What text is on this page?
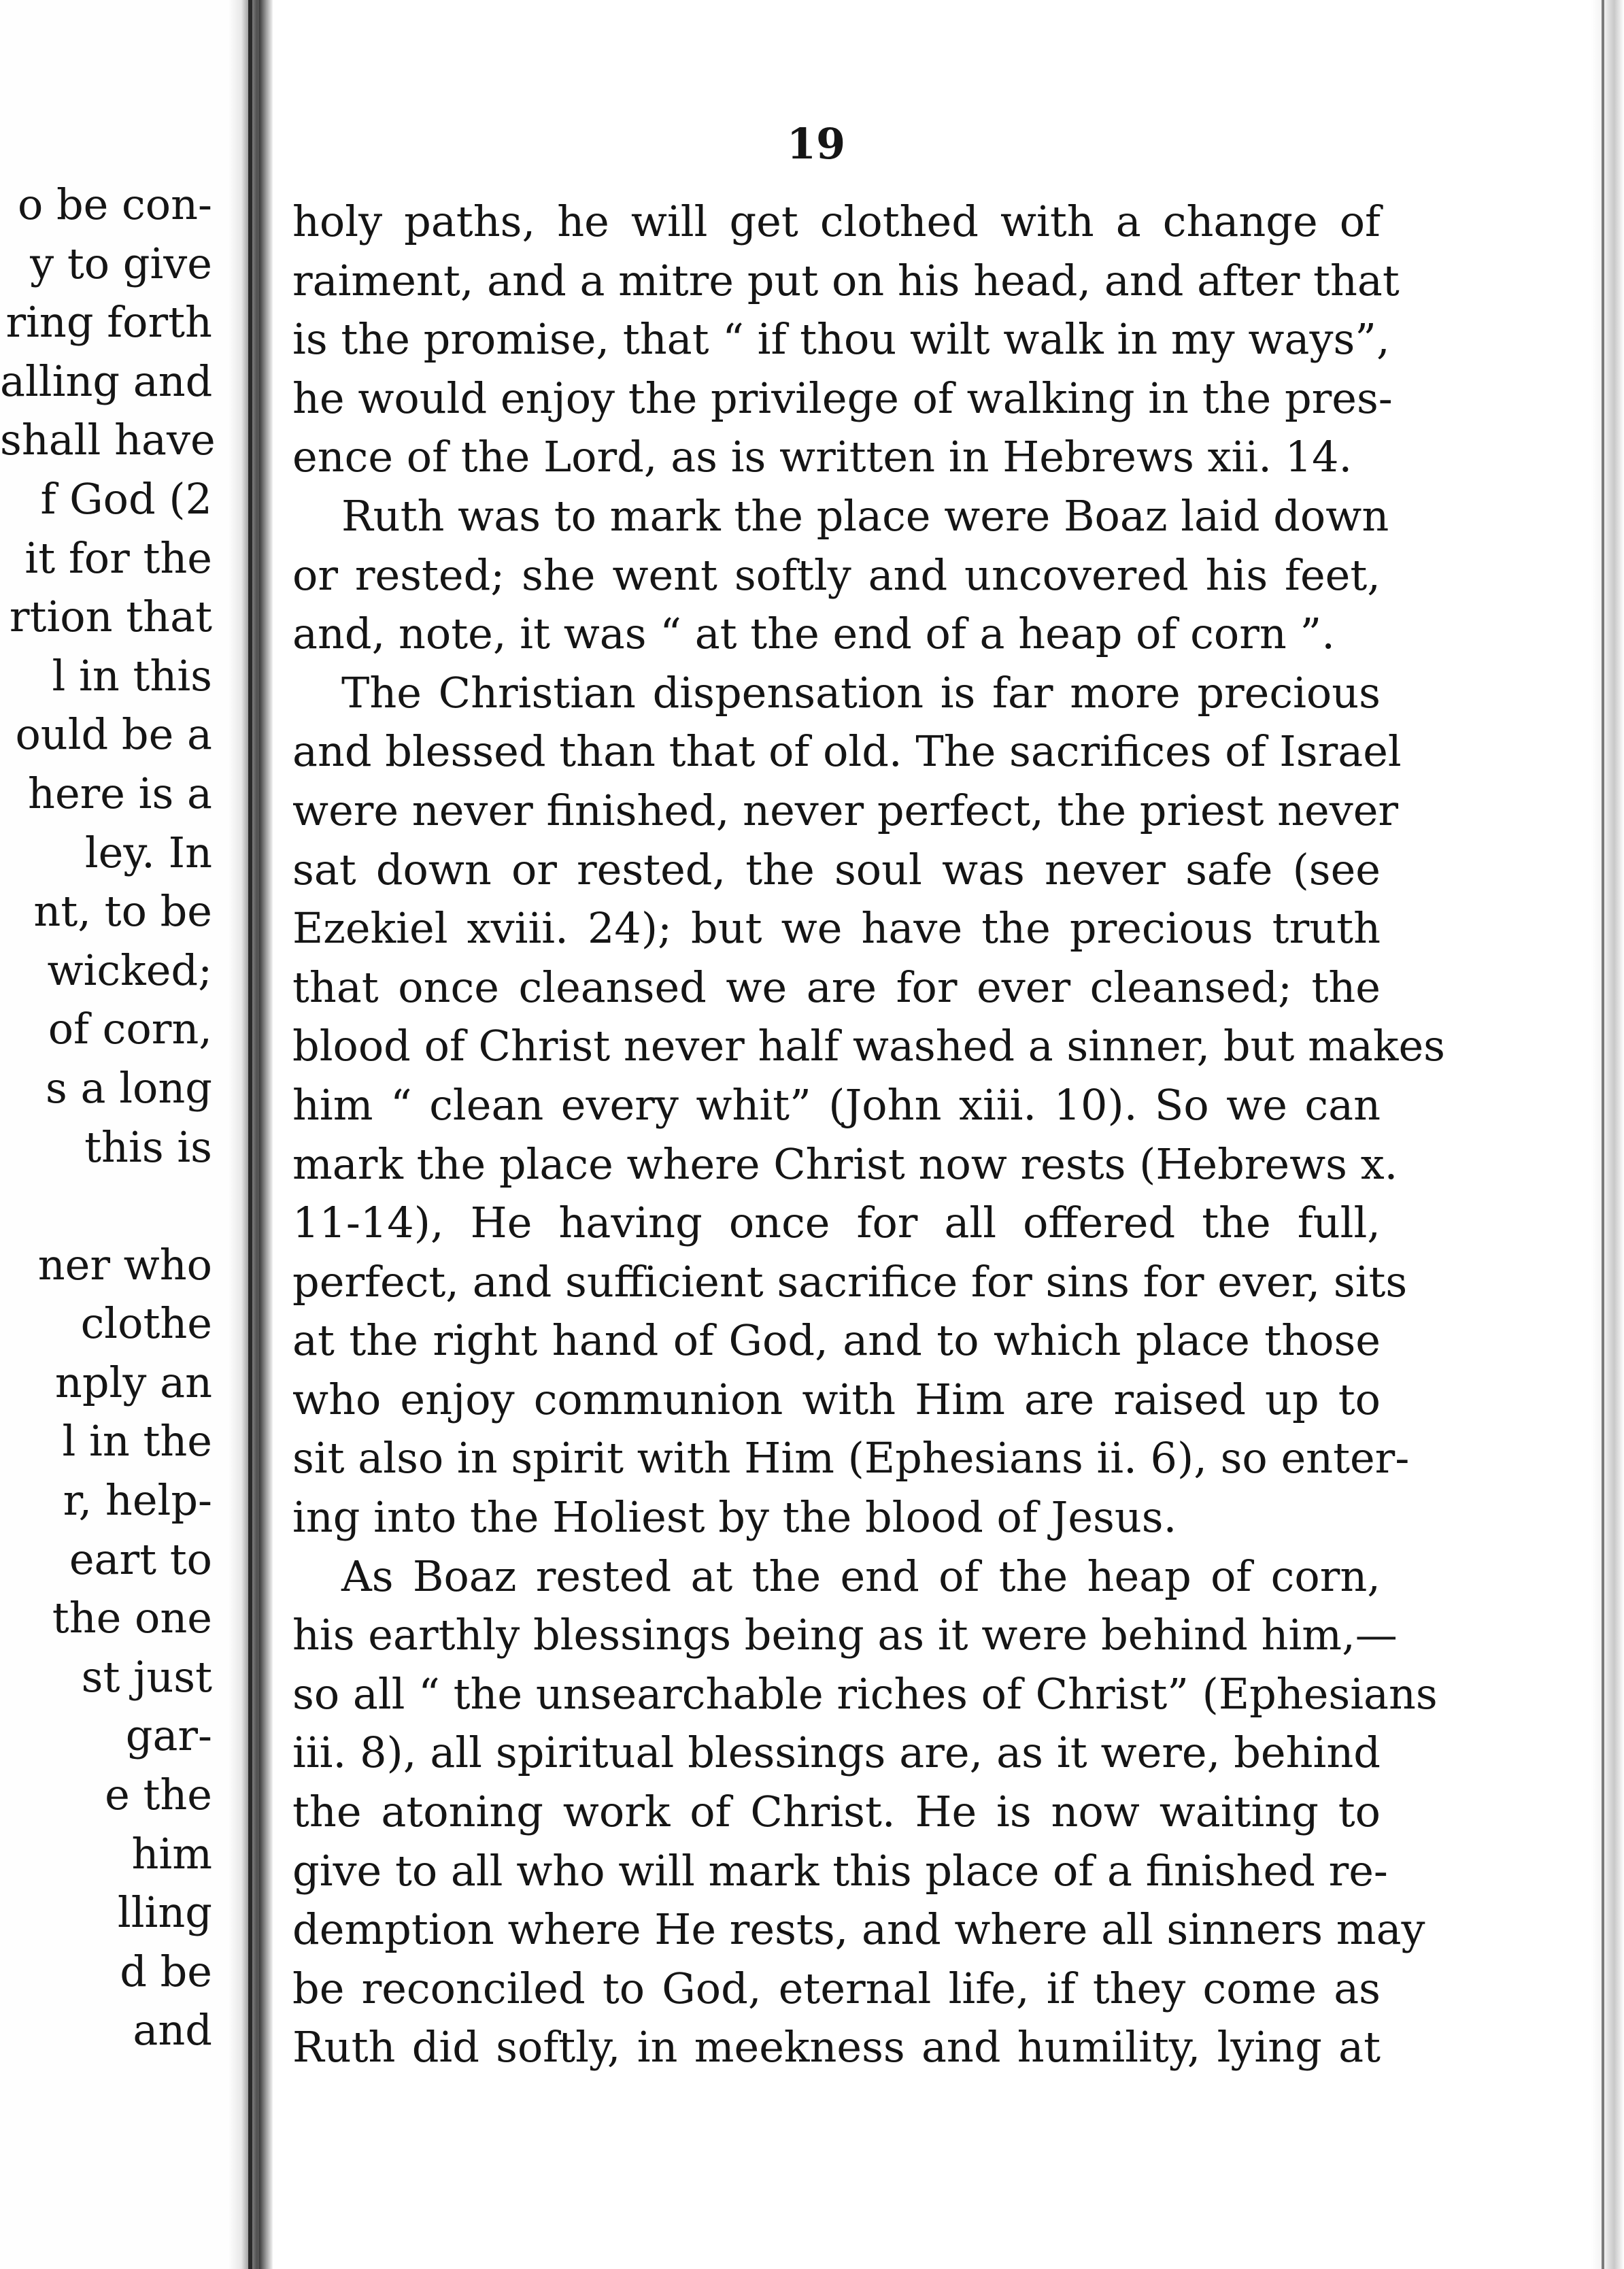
o be con-
y to give
ring forth
alling and
shall have
f God (2
it for the
rtion that
l in this
ould be a
here is a
ley. In
nt, to be
wicked;
of corn,
s a long
this is
ner who
clothe
nply an
l in the
r, help-
eart to
the one
st just
gar-
e the
him
lling
d be
and
19
holy paths, he will get clothed with a change of
raiment, and a mitre put on his head, and after that
is the promise, that “ if thou wilt walk in my ways”,
he would enjoy the privilege of walking in the pres-
ence of the Lord, as is written in Hebrews xii. 14.
Ruth was to mark the place were Boaz laid down
or rested; she went softly and uncovered his feet,
and, note, it was “ at the end of a heap of corn ”.
The Christian dispensation is far more precious
and blessed than that of old. The sacrifices of Israel
were never finished, never perfect, the priest never
sat down or rested, the soul was never safe (see
Ezekiel xviii. 24); but we have the precious truth
that once cleansed we are for ever cleansed; the
blood of Christ never half washed a sinner, but makes
him “ clean every whit” (John xiii. 10). So we can
mark the place where Christ now rests (Hebrews x.
11-14), He having once for all offered the full,
perfect, and sufficient sacrifice for sins for ever, sits
at the right hand of God, and to which place those
who enjoy communion with Him are raised up to
sit also in spirit with Him (Ephesians ii. 6), so enter-
ing into the Holiest by the blood of Jesus.
As Boaz rested at the end of the heap of corn,
his earthly blessings being as it were behind him,—
so all “ the unsearchable riches of Christ” (Ephesians
iii. 8), all spiritual blessings are, as it were, behind
the atoning work of Christ. He is now waiting to
give to all who will mark this place of a finished re-
demption where He rests, and where all sinners may
be reconciled to God, eternal life, if they come as
Ruth did softly, in meekness and humility, lying at
